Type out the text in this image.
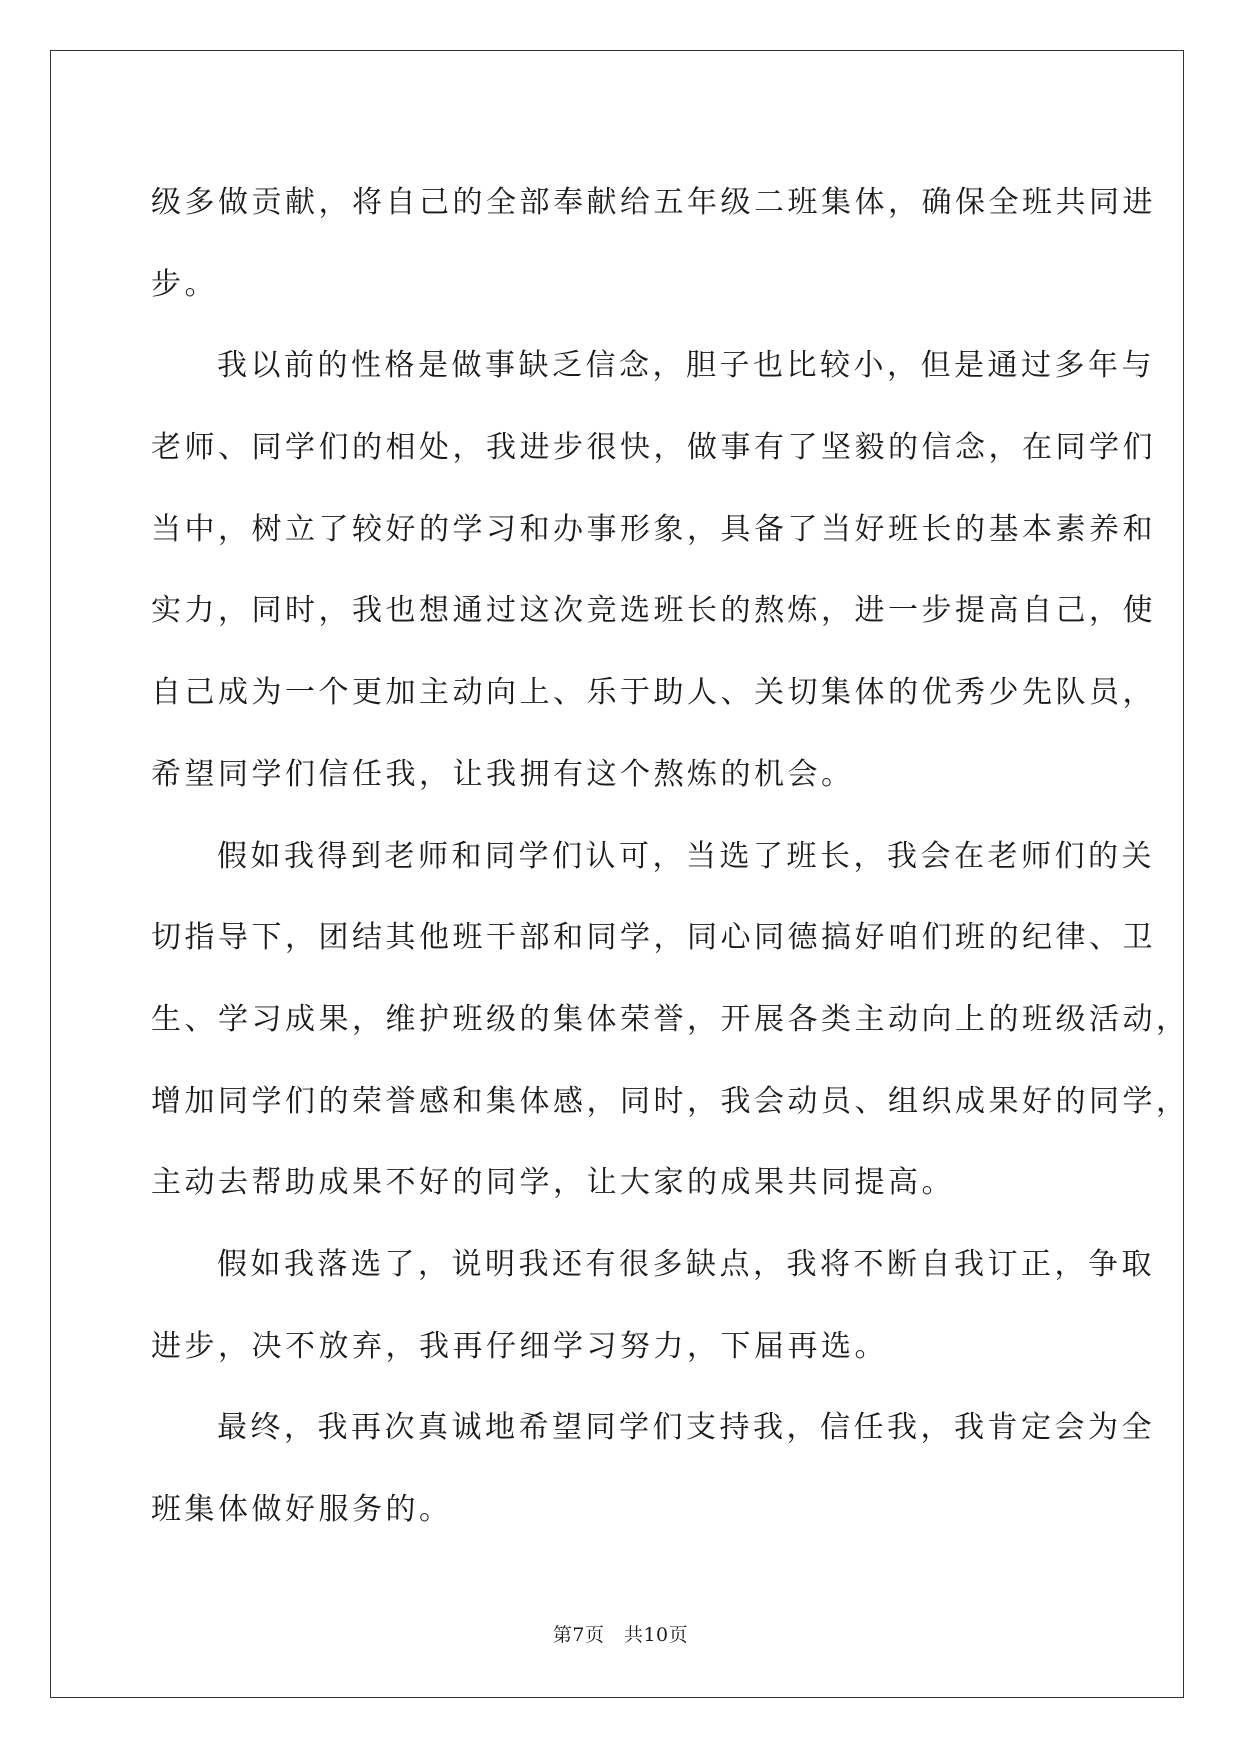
级多做贡献，将自己的全部奉献给五年级二班集体，确保全班共同进
步。
我以前的性格是做事缺乏信念，胆子也比较小，但是通过多年与
老师、同学们的相处，我进步很快，做事有了坚毅的信念，在同学们
当中，树立了较好的学习和办事形象，具备了当好班长的基本素养和
实力，同时，我也想通过这次竞选班长的熬炼，进一步提高自己，使
自己成为一个更加主动向上、乐于助人、关切集体的优秀少先队员，
希望同学们信任我，让我拥有这个熬炼的机会。
假如我得到老师和同学们认可，当选了班长，我会在老师们的关
切指导下，团结其他班干部和同学，同心同德搞好咱们班的纪律、卫
生、学习成果，维护班级的集体荣誉，开展各类主动向上的班级活动，
增加同学们的荣誉感和集体感，同时，我会动员、组织成果好的同学，
主动去帮助成果不好的同学，让大家的成果共同提高。
假如我落选了，说明我还有很多缺点，我将不断自我订正，争取
进步，决不放弃，我再仔细学习努力，下届再选。
最终，我再次真诚地希望同学们支持我，信任我，我肯定会为全
班集体做好服务的。
第7页　共10页
